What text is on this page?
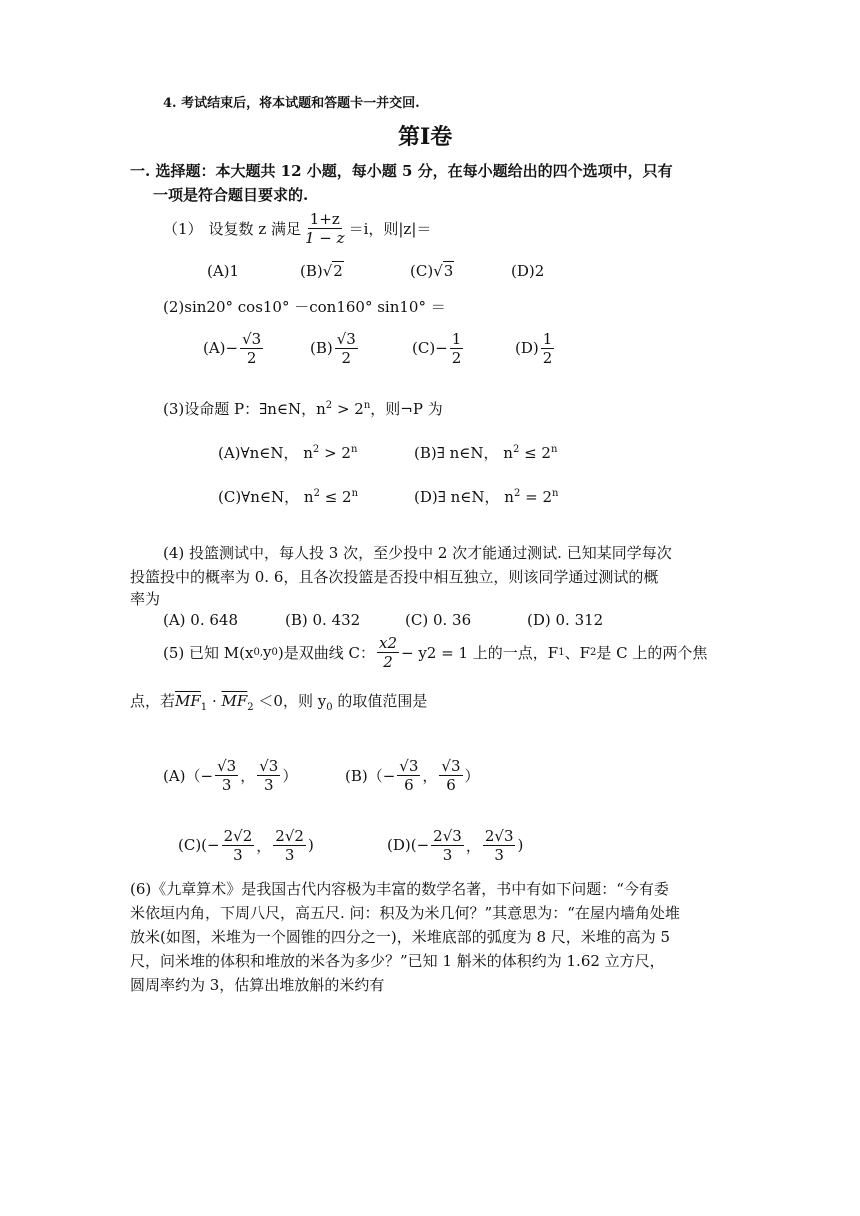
4. 考试结束后，将本试题和答题卡一并交回.
第Ⅰ卷
一. 选择题：本大题共 12 小题，每小题 5 分，在每小题给出的四个选项中，只有
一项是符合题目要求的.
（1） 设复数 z 满足 $\frac{1+z}{1 - z} =i$，则|z|＝
(A)1	(B)√2	(C)√3	(D)2
(2)sin20° cos10° －con160° sin10° ＝
$(A)- \frac{√3}{2}$	$(B) \frac{√3}{2}$	$(C)- \frac{1}{2}$	$(D) \frac{1}{2}$
(3)设命题 P：∃n∈N，$n^2 > 2^n$，则¬P 为
(A)∀n∈N， $n^2 > 2^n$	(B)∃ n∈N， $n^2 \le 2^n$
(C)∀n∈N， $n^2 \le 2^n$	(D)∃ n∈N， $n^2 = 2^n$
(4) 投篮测试中，每人投 3 次，至少投中 2 次才能通过测试. 已知某同学每次
投篮投中的概率为 0. 6，且各次投篮是否投中相互独立，则该同学通过测试的概
率为
(A) 0. 648	(B) 0. 432	(C) 0. 36	(D) 0. 312
(5) 已知 M(x 0, y 0 )是双曲线 C： $\frac{x2}{2} - y2 = 1$ 上的一点，F 1 、F 2 是 C 上的两个焦
点，若$\overline{MF}_1 \cdot \overline{MF}_2 <0$，则 $y_0$ 的取值范围是
$(A)(- \frac{√3}{3}$ ， $\frac{√3}{3}$ ）	$(B)(- \frac{√3}{6}$ ， $\frac{√3}{6}$ ）
$(C)(- \frac{2√2}{3}$ ， $\frac{2√2}{3}$ )	$(D)(- \frac{2√3}{3}$ ， $\frac{2√3}{3}$ )
(6)《九章算术》是我国古代内容极为丰富的数学名著，书中有如下问题：“今有委
米依垣内角，下周八尺，高五尺. 问：积及为米几何？”其意思为：“在屋内墙角处堆
放米(如图，米堆为一个圆锥的四分之一)，米堆底部的弧度为 8 尺，米堆的高为 5
尺，问米堆的体积和堆放的米各为多少？”已知 1 斛米的体积约为 1.62 立方尺，
圆周率约为 3，估算出堆放斛的米约有
